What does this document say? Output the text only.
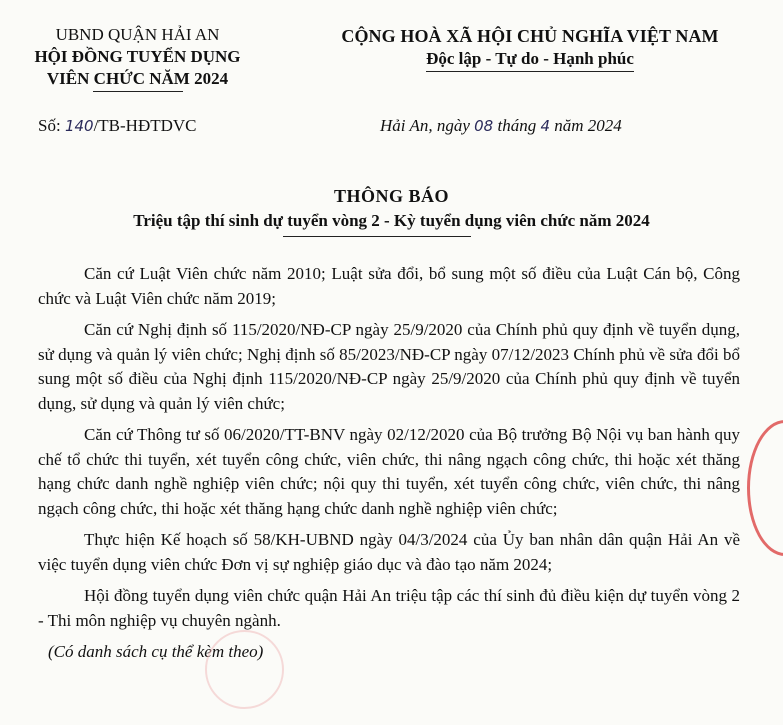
UBND QUẬN HẢI AN
HỘI ĐỒNG TUYỂN DỤNG
VIÊN CHỨC NĂM 2024
CỘNG HOÀ XÃ HỘI CHỦ NGHĨA VIỆT NAM
Độc lập - Tự do - Hạnh phúc
Số: 140/TB-HĐTDVC	Hải An, ngày 08 tháng 4 năm 2024
THÔNG BÁO
Triệu tập thí sinh dự tuyển vòng 2 - Kỳ tuyển dụng viên chức năm 2024

Căn cứ Luật Viên chức năm 2010; Luật sửa đổi, bổ sung một số điều của Luật Cán bộ, Công chức và Luật Viên chức năm 2019;

Căn cứ Nghị định số 115/2020/NĐ-CP ngày 25/9/2020 của Chính phủ quy định về tuyển dụng, sử dụng và quản lý viên chức; Nghị định số 85/2023/NĐ-CP ngày 07/12/2023 Chính phủ về sửa đổi bổ sung một số điều của Nghị định 115/2020/NĐ-CP ngày 25/9/2020 của Chính phủ quy định về tuyển dụng, sử dụng và quản lý viên chức;

Căn cứ Thông tư số 06/2020/TT-BNV ngày 02/12/2020 của Bộ trưởng Bộ Nội vụ ban hành quy chế tổ chức thi tuyển, xét tuyển công chức, viên chức, thi nâng ngạch công chức, thi hoặc xét thăng hạng chức danh nghề nghiệp viên chức; nội quy thi tuyển, xét tuyển công chức, viên chức, thi nâng ngạch công chức, thi hoặc xét thăng hạng chức danh nghề nghiệp viên chức;

Thực hiện Kế hoạch số 58/KH-UBND ngày 04/3/2024 của Ủy ban nhân dân quận Hải An về việc tuyển dụng viên chức Đơn vị sự nghiệp giáo dục và đào tạo năm 2024;

Hội đồng tuyển dụng viên chức quận Hải An triệu tập các thí sinh đủ điều kiện dự tuyển vòng 2 - Thi môn nghiệp vụ chuyên ngành.

(Có danh sách cụ thể kèm theo)
